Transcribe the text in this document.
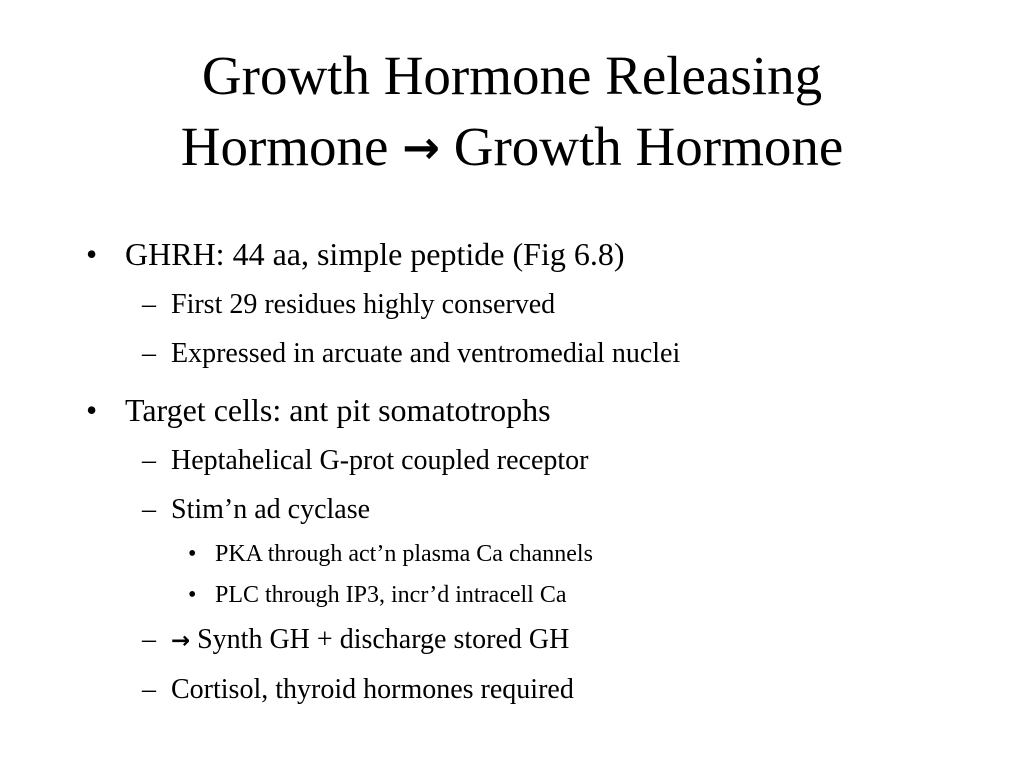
Growth Hormone Releasing
Hormone → Growth Hormone
• GHRH: 44 aa, simple peptide (Fig 6.8)
– First 29 residues highly conserved
– Expressed in arcuate and ventromedial nuclei
• Target cells: ant pit somatotrophs
– Heptahelical G-prot coupled receptor
– Stim’n ad cyclase
• PKA through act’n plasma Ca channels
• PLC through IP3, incr’d intracell Ca
– → Synth GH + discharge stored GH
– Cortisol, thyroid hormones required
